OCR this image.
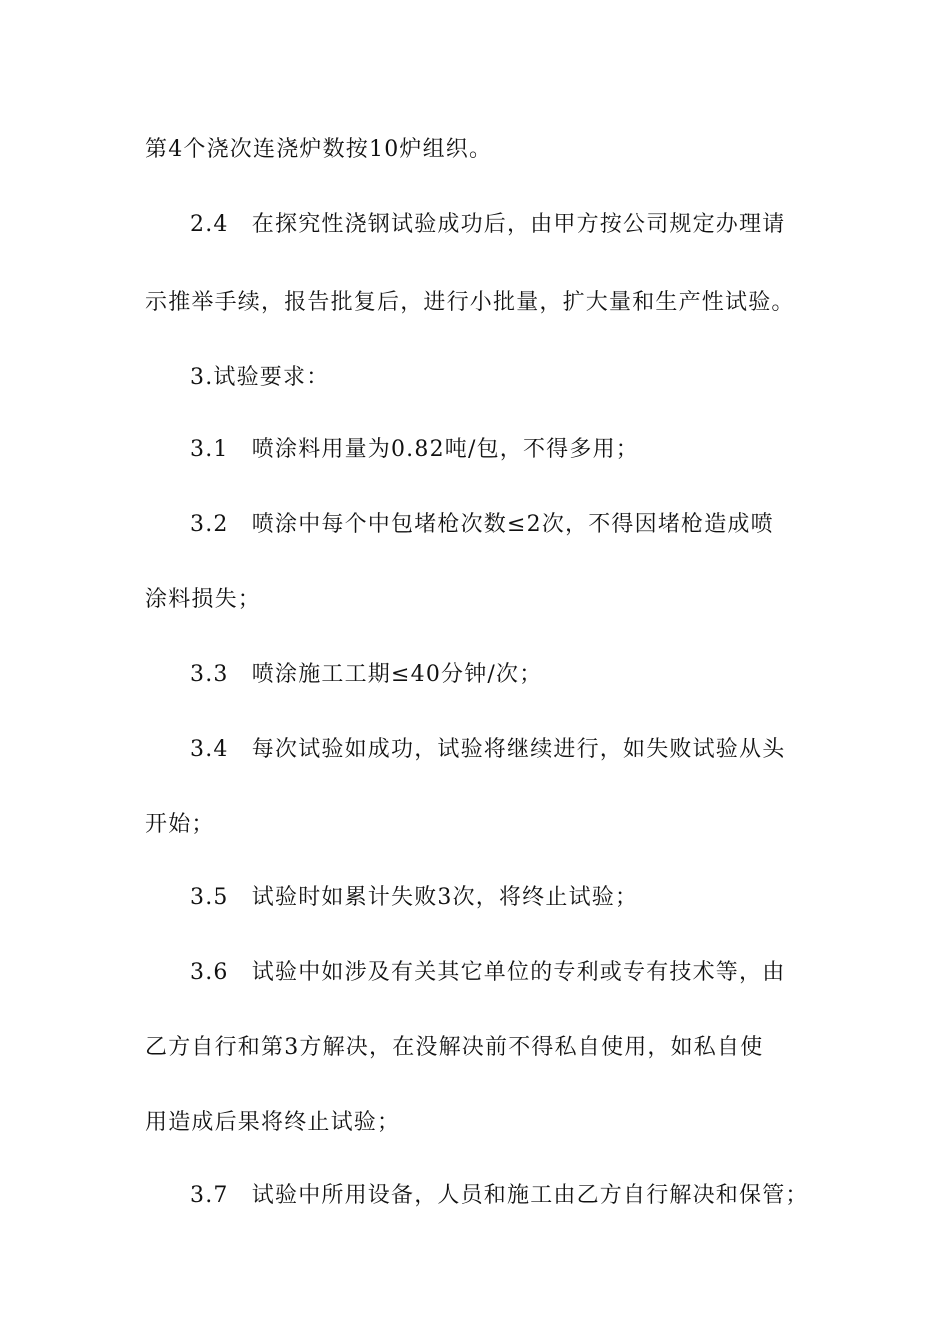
第4个浇次连浇炉数按10炉组织。
2.4　在探究性浇钢试验成功后，由甲方按公司规定办理请
示推举手续，报告批复后，进行小批量，扩大量和生产性试验。
3.试验要求：
3.1　喷涂料用量为0.82吨/包，不得多用；
3.2　喷涂中每个中包堵枪次数≤2次，不得因堵枪造成喷
涂料损失；
3.3　喷涂施工工期≤40分钟/次；
3.4　每次试验如成功，试验将继续进行，如失败试验从头
开始；
3.5　试验时如累计失败3次，将终止试验；
3.6　试验中如涉及有关其它单位的专利或专有技术等，由
乙方自行和第3方解决，在没解决前不得私自使用，如私自使
用造成后果将终止试验；
3.7　试验中所用设备，人员和施工由乙方自行解决和保管；
